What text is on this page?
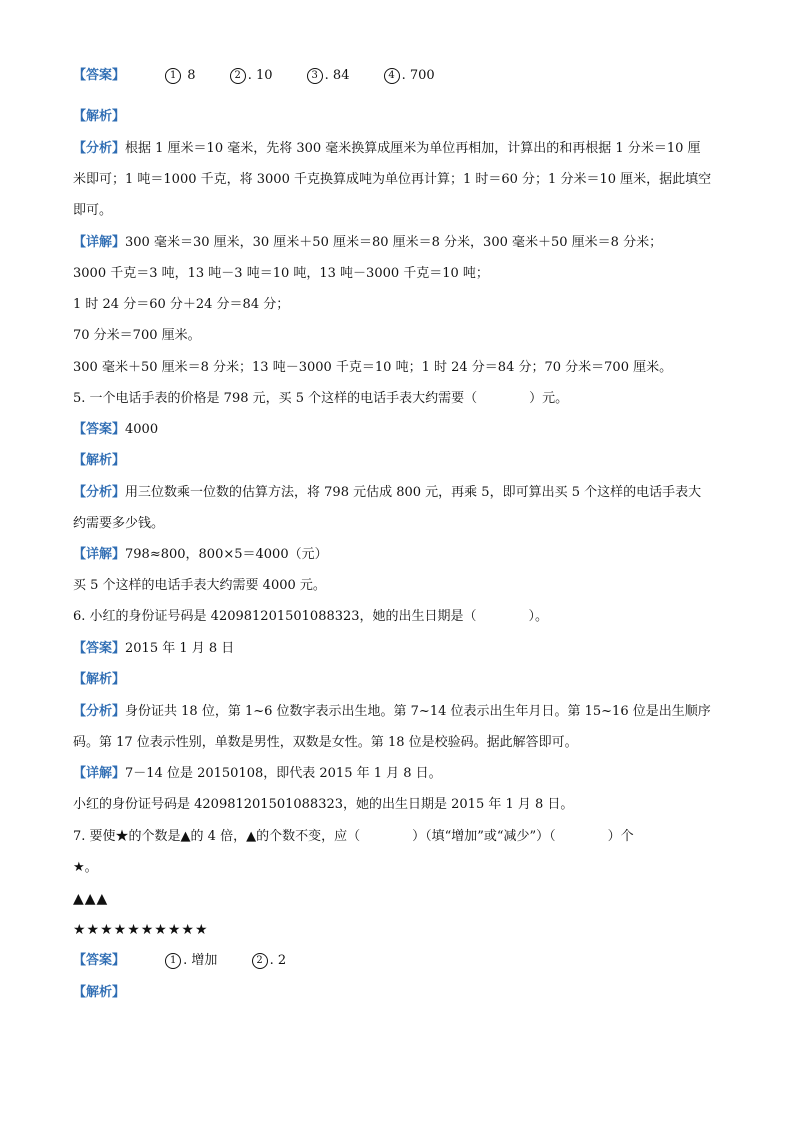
【答案】	1 8	2 . 10	3 . 84	4 . 700
【解析】
【分析】根据 1 厘米＝10 毫米，先将 300 毫米换算成厘米为单位再相加，计算出的和再根据 1 分米＝10 厘
米即可；1 吨＝1000 千克，将 3000 千克换算成吨为单位再计算；1 时＝60 分；1 分米＝10 厘米，据此填空
即可。
【详解】300 毫米＝30 厘米，30 厘米＋50 厘米＝80 厘米＝8 分米，300 毫米＋50 厘米＝8 分米；
3000 千克＝3 吨，13 吨－3 吨＝10 吨，13 吨－3000 千克＝10 吨；
1 时 24 分＝60 分＋24 分＝84 分；
70 分米＝700 厘米。
300 毫米＋50 厘米＝8 分米；13 吨－3000 千克＝10 吨；1 时 24 分＝84 分；70 分米＝700 厘米。
5. 一个电话手表的价格是 798 元，买 5 个这样的电话手表大约需要（　　　　）元。
【答案】4000
【解析】
【分析】用三位数乘一位数的估算方法，将 798 元估成 800 元，再乘 5，即可算出买 5 个这样的电话手表大
约需要多少钱。
【详解】798≈800，800×5＝4000（元）
买 5 个这样的电话手表大约需要 4000 元。
6. 小红的身份证号码是 420981201501088323，她的出生日期是（　　　　）。
【答案】2015 年 1 月 8 日
【解析】
【分析】身份证共 18 位，第 1~6 位数字表示出生地。第 7~14 位表示出生年月日。第 15~16 位是出生顺序
码。第 17 位表示性别，单数是男性，双数是女性。第 18 位是校验码。据此解答即可。
【详解】7－14 位是 20150108，即代表 2015 年 1 月 8 日。
小红的身份证号码是 420981201501088323，她的出生日期是 2015 年 1 月 8 日。
7. 要使★的个数是▲的 4 倍，▲的个数不变，应（　　　　）（填“增加”或“减少”）（　　　　）个
★。
▲▲▲
★★★★★★★★★★
【答案】	1 . 增加	2 . 2
【解析】
